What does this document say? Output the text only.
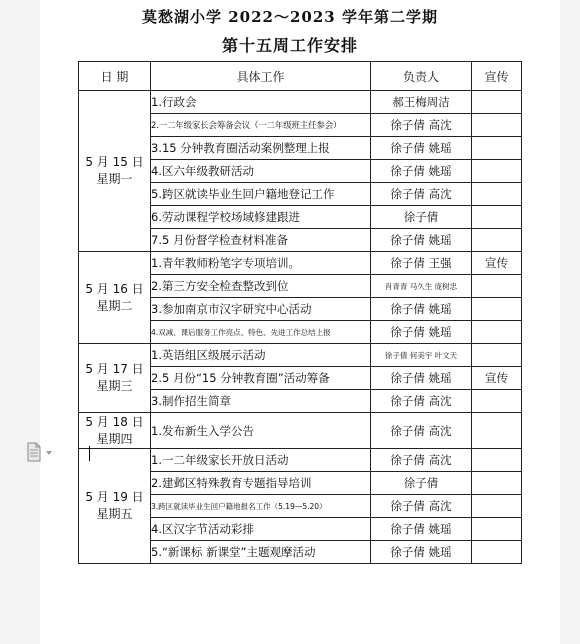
莫愁湖小学 2022～2023 学年第二学期
第十五周工作安排
日 期	具体工作	负责人	宣传

5 月 15 日
星期一	1.行政会	郝王梅周洁	
	2.一二年级家长会筹备会议（一二年级班主任参会）	徐子倩 高沈	
	3.15 分钟教育圈活动案例整理上报	徐子倩 姚瑶	
	4.区六年级教研活动	徐子倩 姚瑶	
	5.跨区就读毕业生回户籍地登记工作	徐子倩 高沈	
	6.劳动课程学校场域修建跟进	徐子倩	
	7.5 月份督学检查材料准备	徐子倩 姚瑶	

5 月 16 日
星期二	1.青年教师粉笔字专项培训。	徐子倩 王强	宣传
	2.第三方安全检查整改到位	肖青青 马久生 庞树忠	
	3.参加南京市汉字研究中心活动	徐子倩 姚瑶	
	4.双减、课后服务工作亮点、特色、先进工作总结上报	徐子倩 姚瑶	

5 月 17 日
星期三	1.英语组区级展示活动	徐子倩 何美宇 叶文天	
	2.5 月份“15 分钟教育圈”活动筹备	徐子倩 姚瑶	宣传
	3.制作招生简章	徐子倩 高沈	

5 月 18 日
星期四	1.发布新生入学公告	徐子倩 高沈	

5 月 19 日
星期五	1.一二年级家长开放日活动	徐子倩 高沈	
	2.建邺区特殊教育专题指导培训	徐子倩	
	3.跨区就读毕业生回户籍地报名工作（5.19—5.20）	徐子倩 高沈	
	4.区汉字节活动彩排	徐子倩 姚瑶	
	5.“新课标 新课堂”主题观摩活动	徐子倩 姚瑶	
